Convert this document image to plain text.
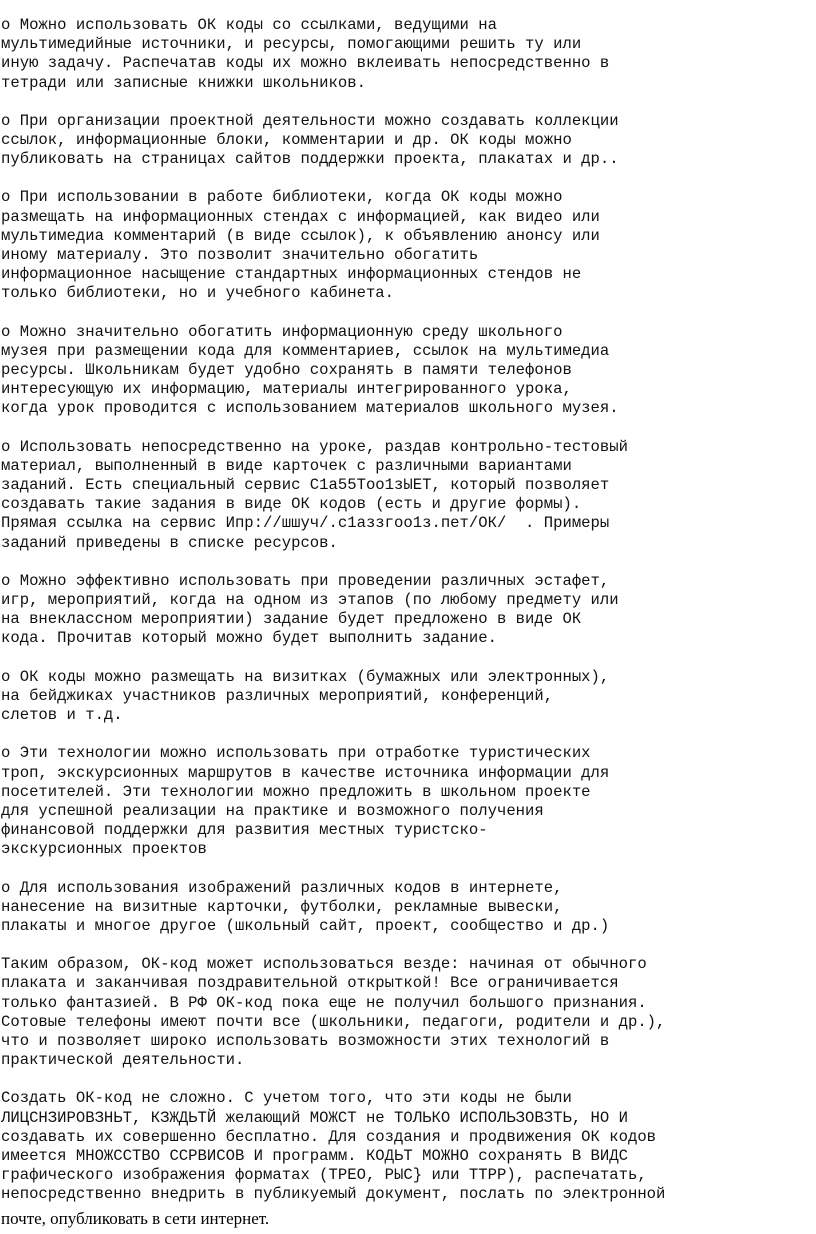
o Можно использовать ОК коды со ссылками, ведущими на
мультимедийные источники, и ресурсы, помогающими решить ту или
иную задачу. Распечатав коды их можно вклеивать непосредственно в
тетради или записные книжки школьников.
o При организации проектной деятельности можно создавать коллекции
ссылок, информационные блоки, комментарии и др. ОК коды можно
публиковать на страницах сайтов поддержки проекта, плакатах и др..
o При использовании в работе библиотеки, когда ОК коды можно
размещать на информационных стендах с информацией, как видео или
мультимедиа комментарий (в виде ссылок), к объявлению анонсу или
иному материалу. Это позволит значительно обогатить
информационное насыщение стандартных информационных стендов не
только библиотеки, но и учебного кабинета.
o Можно значительно обогатить информационную среду школьного
музея при размещении кода для комментариев, ссылок на мультимедиа
ресурсы. Школьникам будет удобно сохранять в памяти телефонов
интересующую их информацию, материалы интегрированного урока,
когда урок проводится с использованием материалов школьного музея.
o Использовать непосредственно на уроке, раздав контрольно-тестовый
материал, выполненный в виде карточек с различными вариантами
заданий. Есть специальный сервис С1а55Тоо1зЫЕТ, который позволяет
создавать такие задания в виде ОК кодов (есть и другие формы).
Прямая ссылка на сервис Ипр://шшуч/.с1аззгоо1з.пет/ОК/  . Примеры
заданий приведены в списке ресурсов.
o Можно эффективно использовать при проведении различных эстафет,
игр, мероприятий, когда на одном из этапов (по любому предмету или
на внеклассном мероприятии) задание будет предложено в виде ОК
кода. Прочитав который можно будет выполнить задание.
o ОК коды можно размещать на визитках (бумажных или электронных),
на бейджиках участников различных мероприятий, конференций,
слетов и т.д.
o Эти технологии можно использовать при отработке туристических
троп, экскурсионных маршрутов в качестве источника информации для
посетителей. Эти технологии можно предложить в школьном проекте
для успешной реализации на практике и возможного получения
финансовой поддержки для развития местных туристско-
экскурсионных проектов
o Для использования изображений различных кодов в интернете,
нанесение на визитные карточки, футболки, рекламные вывески,
плакаты и многое другое (школьный сайт, проект, сообщество и др.)
Таким образом, ОК-код может использоваться везде: начиная от обычного
плаката и заканчивая поздравительной открыткой! Все ограничивается
только фантазией. В РФ ОК-код пока еще не получил большого признания.
Сотовые телефоны имеют почти все (школьники, педагоги, родители и др.),
что и позволяет широко использовать возможности этих технологий в
практической деятельности.
Создать ОК-код не сложно. С учетом того, что эти коды не были
ЛИЦСНЗИРОВЗНЬТ, КЗЖДЬТЙ желающий МОЖСТ не ТОЛЬКО ИСПОЛЬЗОВЗТЬ, НО И
создавать их совершенно бесплатно. Для создания и продвижения ОК кодов
имеется МНОЖССТВО ССРВИСОВ И программ. КОДЬТ МОЖНО сохранять В ВИДС
графического изображения форматах (ТРЕО, РЫС} или ТТРР), распечатать,
непосредственно внедрить в публикуемый документ, послать по электронной
почте, опубликовать в сети интернет.
